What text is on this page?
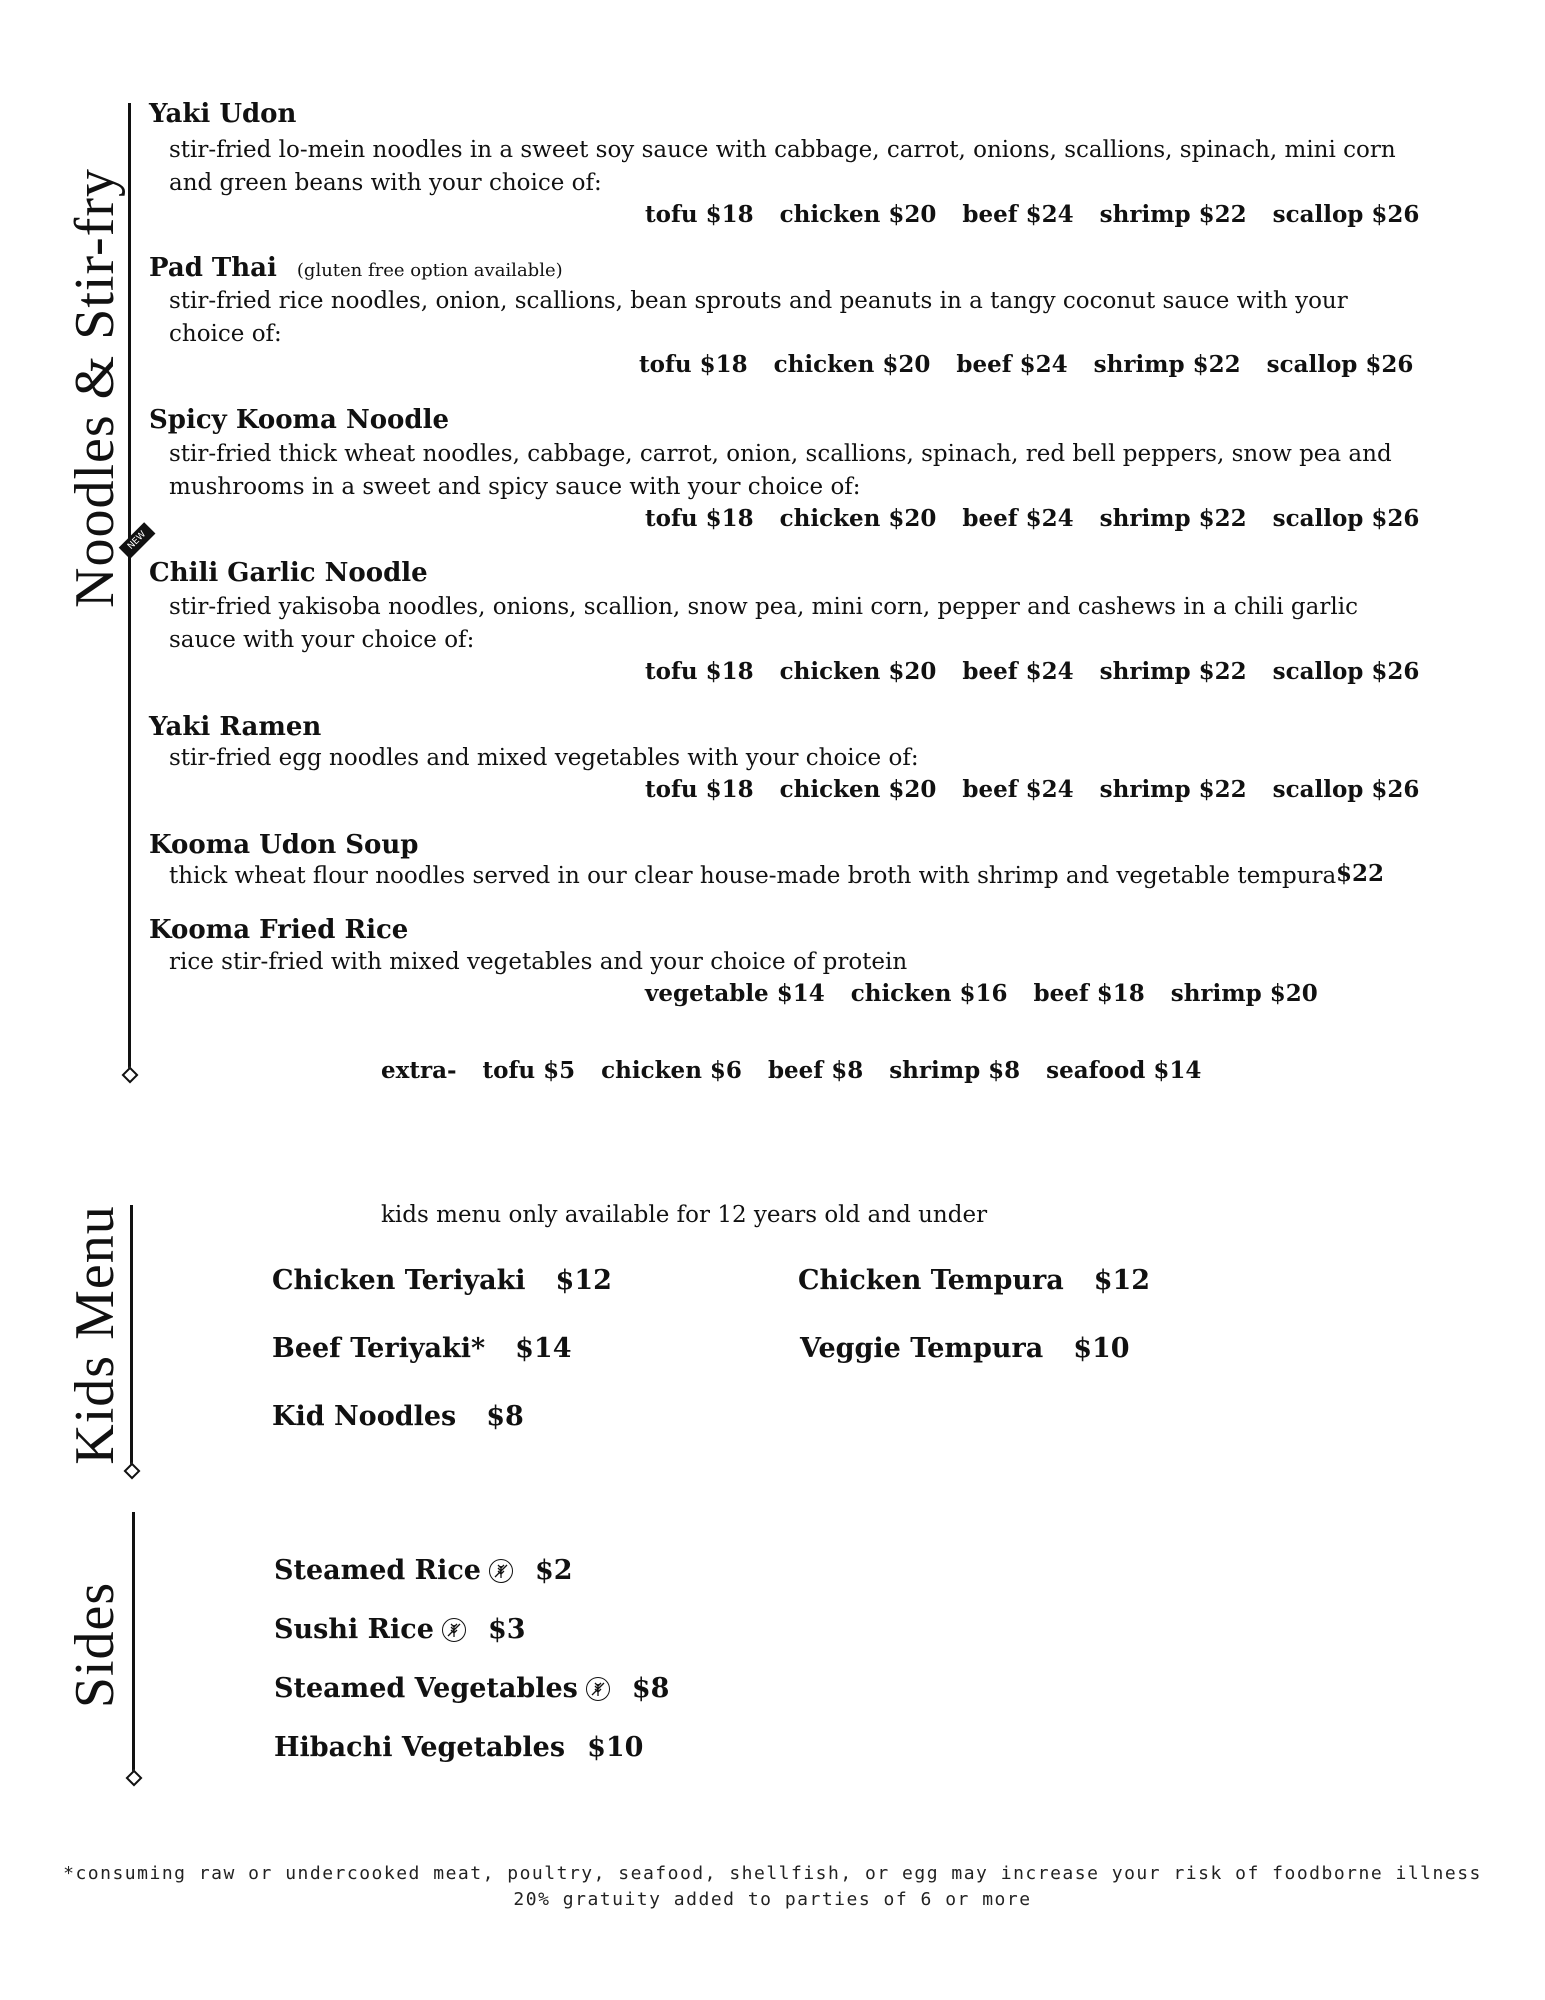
Noodles & Stir-fry
Yaki Udon
stir-fried lo-mein noodles in a sweet soy sauce with cabbage, carrot, onions, scallions, spinach, mini corn and green beans with your choice of:
tofu $18 chicken $20 beef $24 shrimp $22 scallop $26
Pad Thai (gluten free option available)
stir-fried rice noodles, onion, scallions, bean sprouts and peanuts in a tangy coconut sauce with your choice of:
tofu $18 chicken $20 beef $24 shrimp $22 scallop $26
Spicy Kooma Noodle
stir-fried thick wheat noodles, cabbage, carrot, onion, scallions, spinach, red bell peppers, snow pea and mushrooms in a sweet and spicy sauce with your choice of:
tofu $18 chicken $20 beef $24 shrimp $22 scallop $26
NEW
Chili Garlic Noodle
stir-fried yakisoba noodles, onions, scallion, snow pea, mini corn, pepper and cashews in a chili garlic sauce with your choice of:
tofu $18 chicken $20 beef $24 shrimp $22 scallop $26
Yaki Ramen
stir-fried egg noodles and mixed vegetables with your choice of:
tofu $18 chicken $20 beef $24 shrimp $22 scallop $26
Kooma Udon Soup
thick wheat flour noodles served in our clear house-made broth with shrimp and vegetable tempura $22
Kooma Fried Rice
rice stir-fried with mixed vegetables and your choice of protein
vegetable $14 chicken $16 beef $18 shrimp $20
extra- tofu $5 chicken $6 beef $8 shrimp $8 seafood $14
Kids Menu	kids menu only available for 12 years old and under
Chicken Teriyaki $12	Chicken Tempura $12
Beef Teriyaki* $14	Veggie Tempura $10
Kid Noodles $8
Sides
Steamed Rice $2
Sushi Rice $3
Steamed Vegetables $8
Hibachi Vegetables $10
*consuming raw or undercooked meat, poultry, seafood, shellfish, or egg may increase your risk of foodborne illness
20% gratuity added to parties of 6 or more
